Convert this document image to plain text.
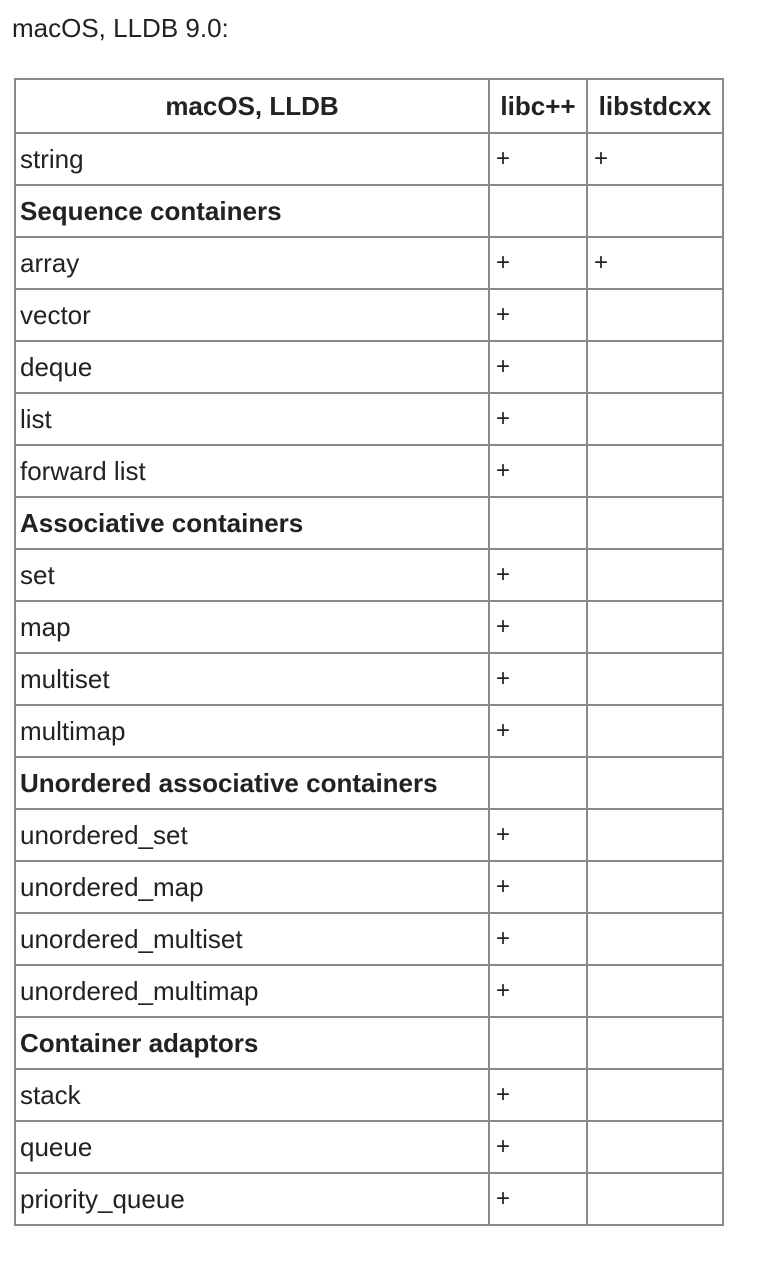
macOS, LLDB 9.0:
macOS, LLDB	libc++	libstdcxx
string	+	+
Sequence containers		
array	+	+
vector	+	
deque	+	
list	+	
forward list	+	
Associative containers		
set	+	
map	+	
multiset	+	
multimap	+	
Unordered associative containers		
unordered_set	+	
unordered_map	+	
unordered_multiset	+	
unordered_multimap	+	
Container adaptors		
stack	+	
queue	+	
priority_queue	+	
